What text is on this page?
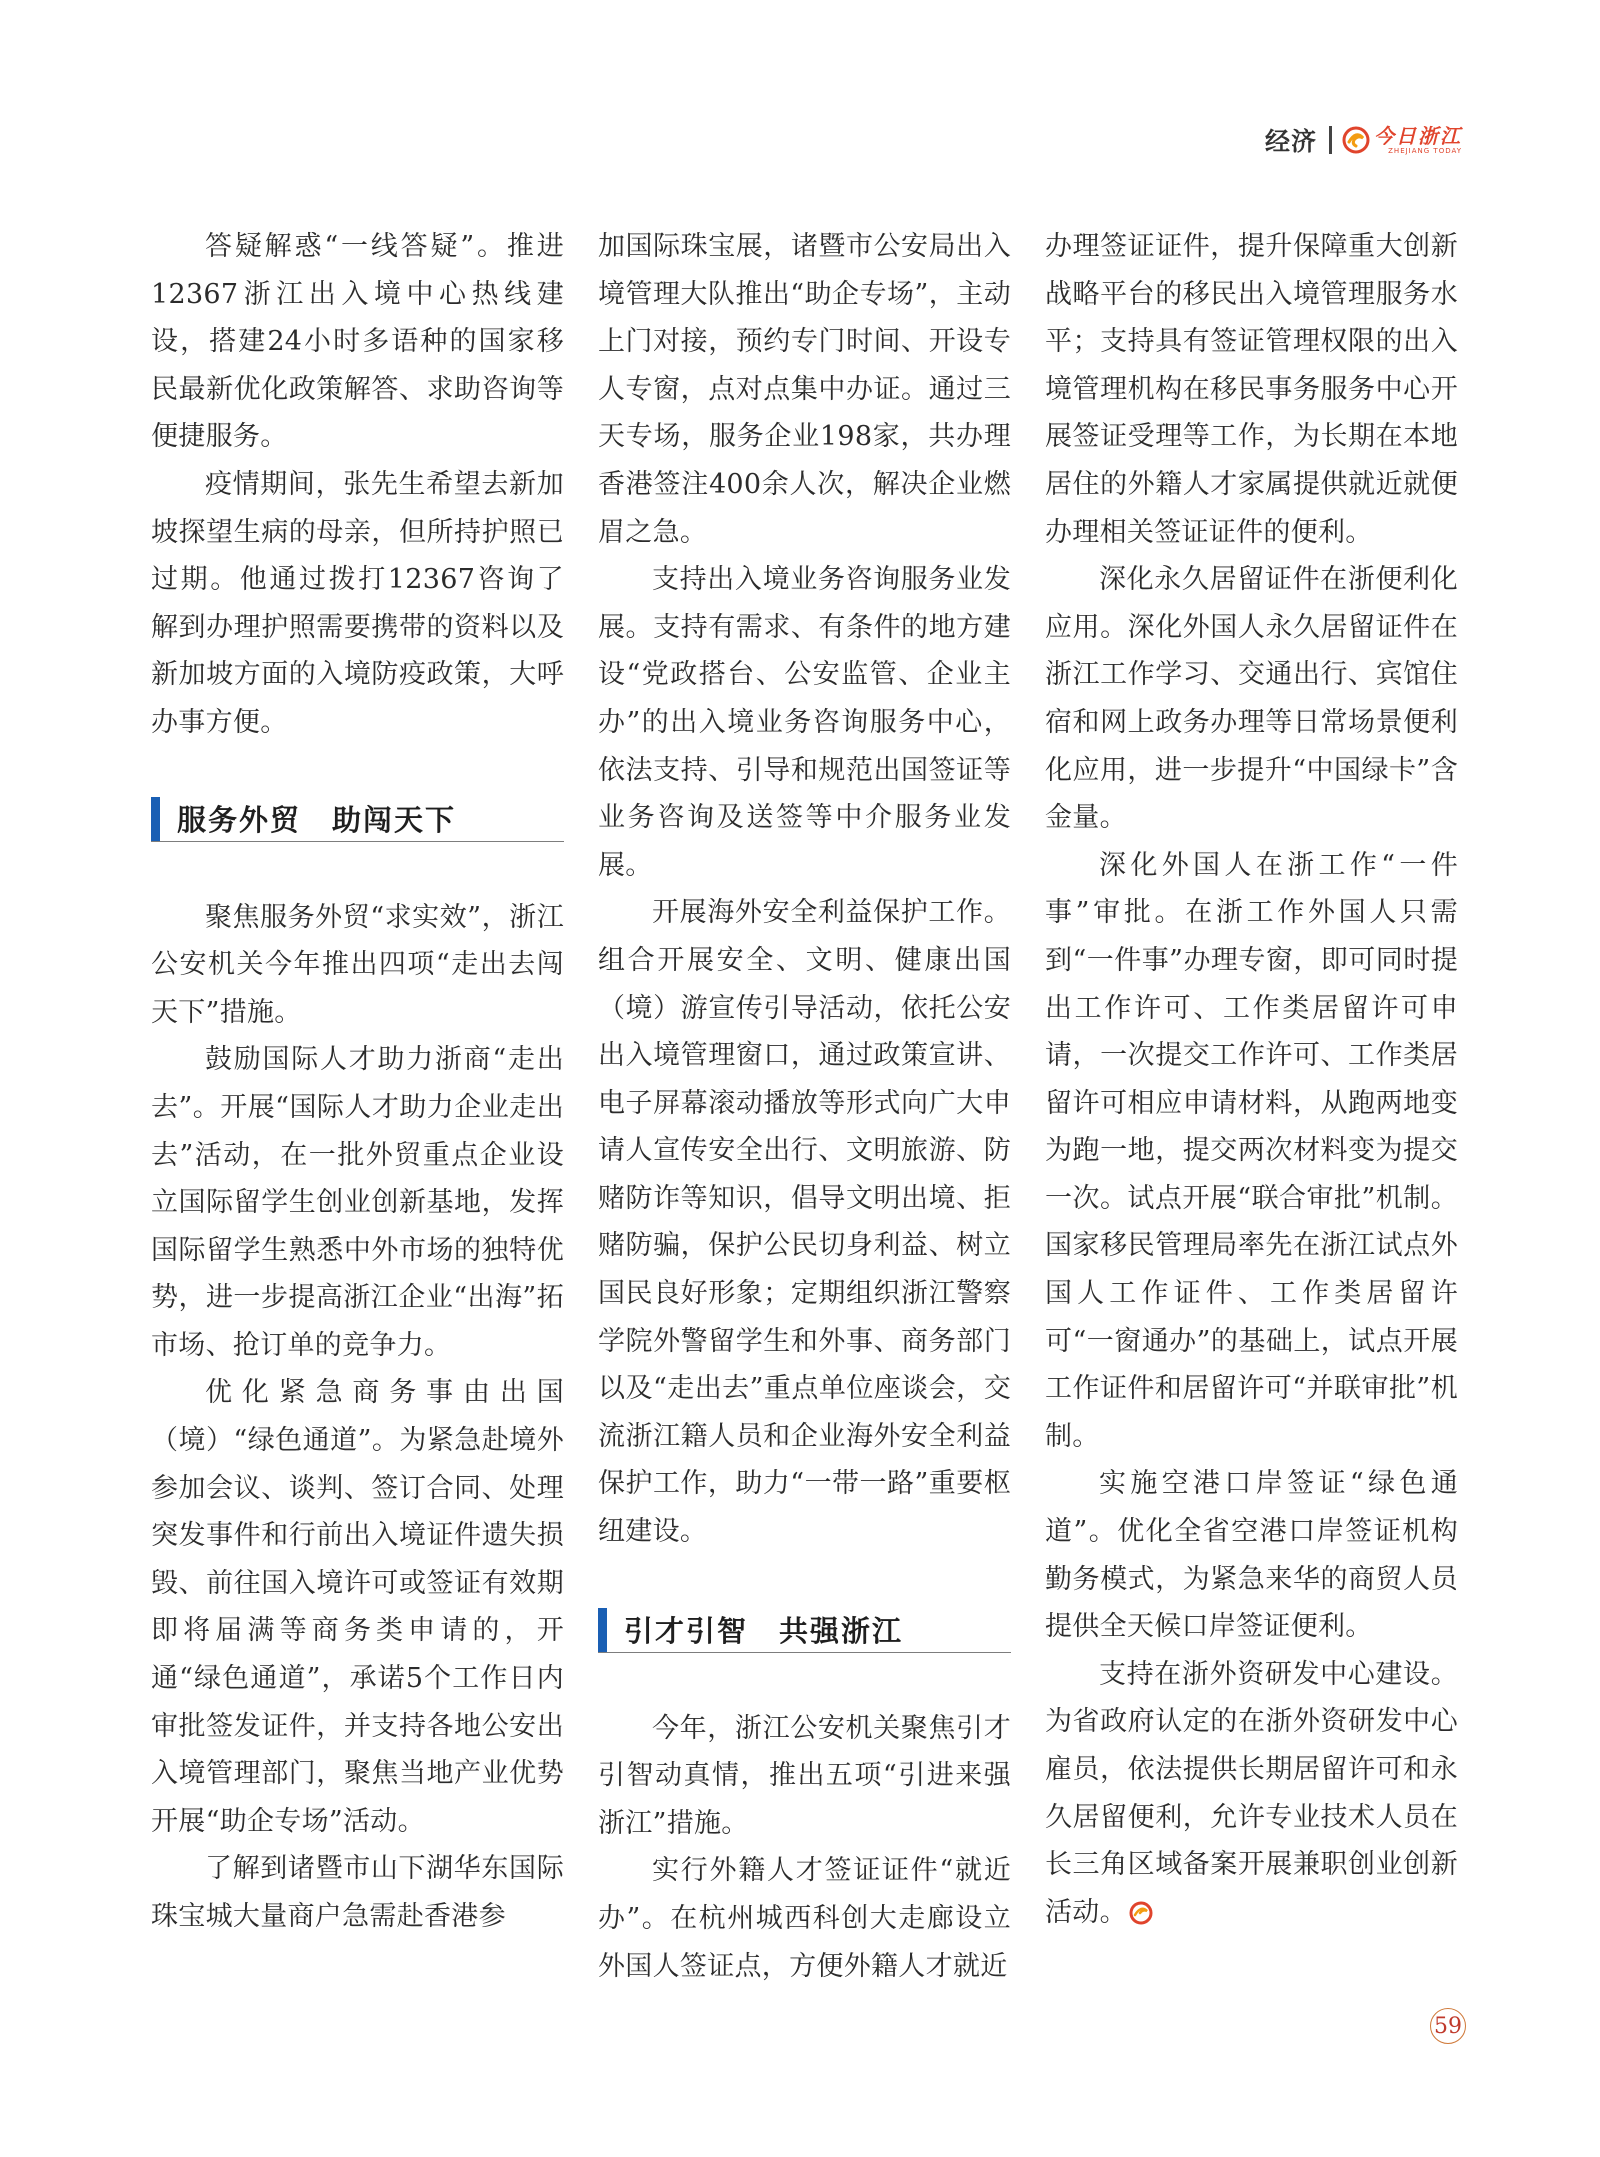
经济	今日浙江
ZHEJIANG TODAY

答疑解惑“一线答疑”。推进12367浙江出入境中心热线建设，搭建24小时多语种的国家移民最新优化政策解答、求助咨询等便捷服务。

疫情期间，张先生希望去新加坡探望生病的母亲，但所持护照已过期。他通过拨打12367咨询了解到办理护照需要携带的资料以及新加坡方面的入境防疫政策，大呼办事方便。

服务外贸　助闯天下

聚焦服务外贸“求实效”，浙江公安机关今年推出四项“走出去闯天下”措施。

鼓励国际人才助力浙商“走出去”。开展“国际人才助力企业走出去”活动，在一批外贸重点企业设立国际留学生创业创新基地，发挥国际留学生熟悉中外市场的独特优势，进一步提高浙江企业“出海”拓市场、抢订单的竞争力。

优化紧急商务事由出国（境）“绿色通道”。为紧急赴境外参加会议、谈判、签订合同、处理突发事件和行前出入境证件遗失损毁、前往国入境许可或签证有效期即将届满等商务类申请的，开通“绿色通道”，承诺5个工作日内审批签发证件，并支持各地公安出入境管理部门，聚焦当地产业优势开展“助企专场”活动。

了解到诸暨市山下湖华东国际珠宝城大量商户急需赴香港参

加国际珠宝展，诸暨市公安局出入境管理大队推出“助企专场”，主动上门对接，预约专门时间、开设专人专窗，点对点集中办证。通过三天专场，服务企业198家，共办理香港签注400余人次，解决企业燃眉之急。

支持出入境业务咨询服务业发展。支持有需求、有条件的地方建设“党政搭台、公安监管、企业主办”的出入境业务咨询服务中心，依法支持、引导和规范出国签证等业务咨询及送签等中介服务业发展。

开展海外安全利益保护工作。组合开展安全、文明、健康出国（境）游宣传引导活动，依托公安出入境管理窗口，通过政策宣讲、电子屏幕滚动播放等形式向广大申请人宣传安全出行、文明旅游、防赌防诈等知识，倡导文明出境、拒赌防骗，保护公民切身利益、树立国民良好形象；定期组织浙江警察学院外警留学生和外事、商务部门以及“走出去”重点单位座谈会，交流浙江籍人员和企业海外安全利益保护工作，助力“一带一路”重要枢纽建设。

引才引智　共强浙江

今年，浙江公安机关聚焦引才引智动真情，推出五项“引进来强浙江”措施。

实行外籍人才签证证件“就近办”。在杭州城西科创大走廊设立外国人签证点，方便外籍人才就近

办理签证证件，提升保障重大创新战略平台的移民出入境管理服务水平；支持具有签证管理权限的出入境管理机构在移民事务服务中心开展签证受理等工作，为长期在本地居住的外籍人才家属提供就近就便办理相关签证证件的便利。

深化永久居留证件在浙便利化应用。深化外国人永久居留证件在浙江工作学习、交通出行、宾馆住宿和网上政务办理等日常场景便利化应用，进一步提升“中国绿卡”含金量。

深化外国人在浙工作“一件事”审批。在浙工作外国人只需到“一件事”办理专窗，即可同时提出工作许可、工作类居留许可申请，一次提交工作许可、工作类居留许可相应申请材料，从跑两地变为跑一地，提交两次材料变为提交一次。试点开展“联合审批”机制。国家移民管理局率先在浙江试点外国人工作证件、工作类居留许可“一窗通办”的基础上，试点开展工作证件和居留许可“并联审批”机制。

实施空港口岸签证“绿色通道”。优化全省空港口岸签证机构勤务模式，为紧急来华的商贸人员提供全天候口岸签证便利。

支持在浙外资研发中心建设。为省政府认定的在浙外资研发中心雇员，依法提供长期居留许可和永久居留便利，允许专业技术人员在长三角区域备案开展兼职创业创新活动。

59
